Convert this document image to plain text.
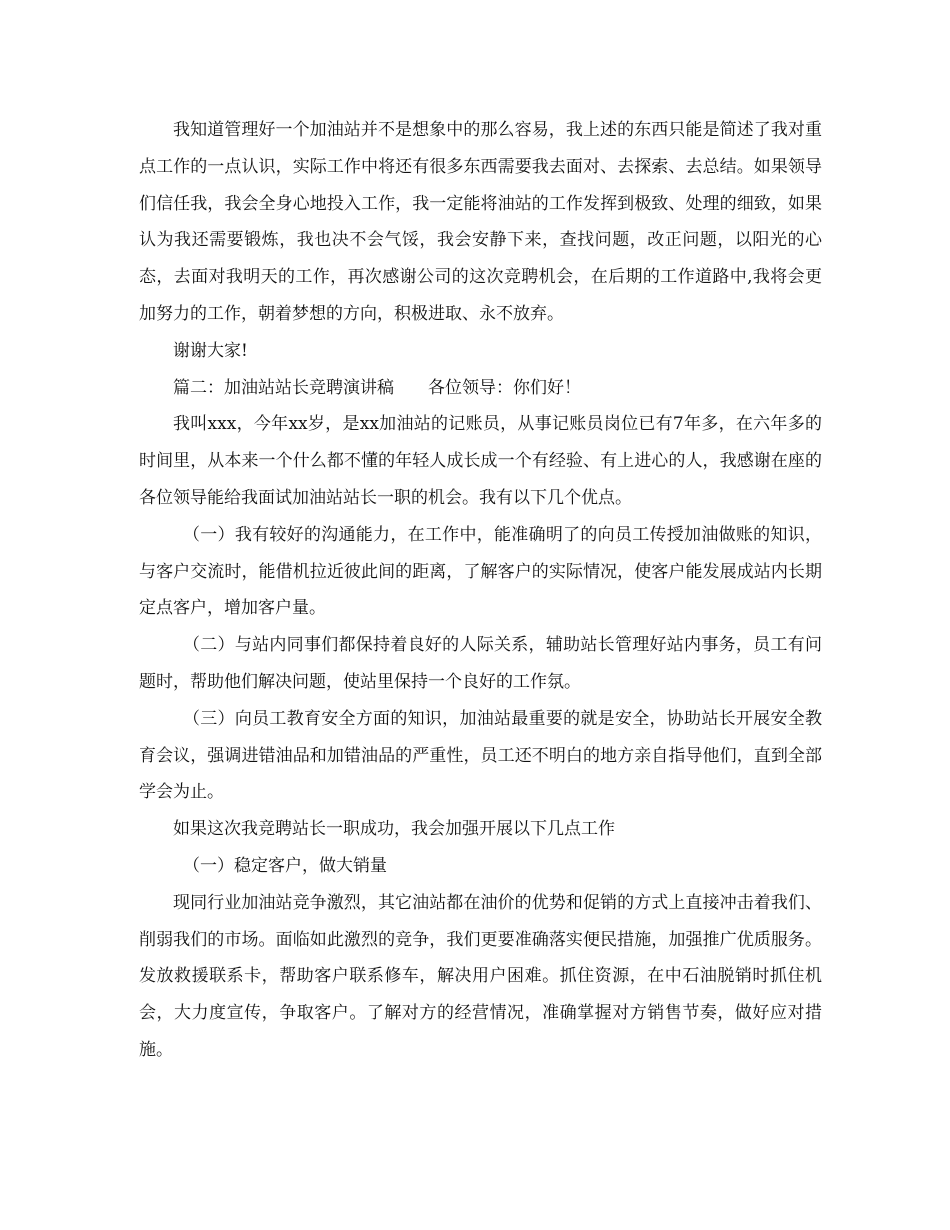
我知道管理好一个加油站并不是想象中的那么容易，我上述的东西只能是简述了我对重点工作的一点认识，实际工作中将还有很多东西需要我去面对、去探索、去总结。如果领导们信任我，我会全身心地投入工作，我一定能将油站的工作发挥到极致、处理的细致，如果认为我还需要锻炼，我也决不会气馁，我会安静下来，查找问题，改正问题，以阳光的心态，去面对我明天的工作，再次感谢公司的这次竞聘机会，在后期的工作道路中,我将会更加努力的工作，朝着梦想的方向，积极进取、永不放弃。

谢谢大家!

篇二：加油站站长竞聘演讲稿　　各位领导：你们好！

我叫xxx，今年xx岁，是xx加油站的记账员，从事记账员岗位已有7年多，在六年多的时间里，从本来一个什么都不懂的年轻人成长成一个有经验、有上进心的人，我感谢在座的各位领导能给我面试加油站站长一职的机会。我有以下几个优点。

（一）我有较好的沟通能力，在工作中，能准确明了的向员工传授加油做账的知识，与客户交流时，能借机拉近彼此间的距离，了解客户的实际情况，使客户能发展成站内长期定点客户，增加客户量。

（二）与站内同事们都保持着良好的人际关系，辅助站长管理好站内事务，员工有问题时，帮助他们解决问题，使站里保持一个良好的工作氛。

（三）向员工教育安全方面的知识，加油站最重要的就是安全，协助站长开展安全教育会议，强调进错油品和加错油品的严重性，员工还不明白的地方亲自指导他们，直到全部学会为止。

如果这次我竞聘站长一职成功，我会加强开展以下几点工作

（一）稳定客户，做大销量

现同行业加油站竞争激烈，其它油站都在油价的优势和促销的方式上直接冲击着我们、削弱我们的市场。面临如此激烈的竞争，我们更要准确落实便民措施，加强推广优质服务。发放救援联系卡，帮助客户联系修车，解决用户困难。抓住资源，在中石油脱销时抓住机会，大力度宣传，争取客户。了解对方的经营情况，准确掌握对方销售节奏，做好应对措施。
